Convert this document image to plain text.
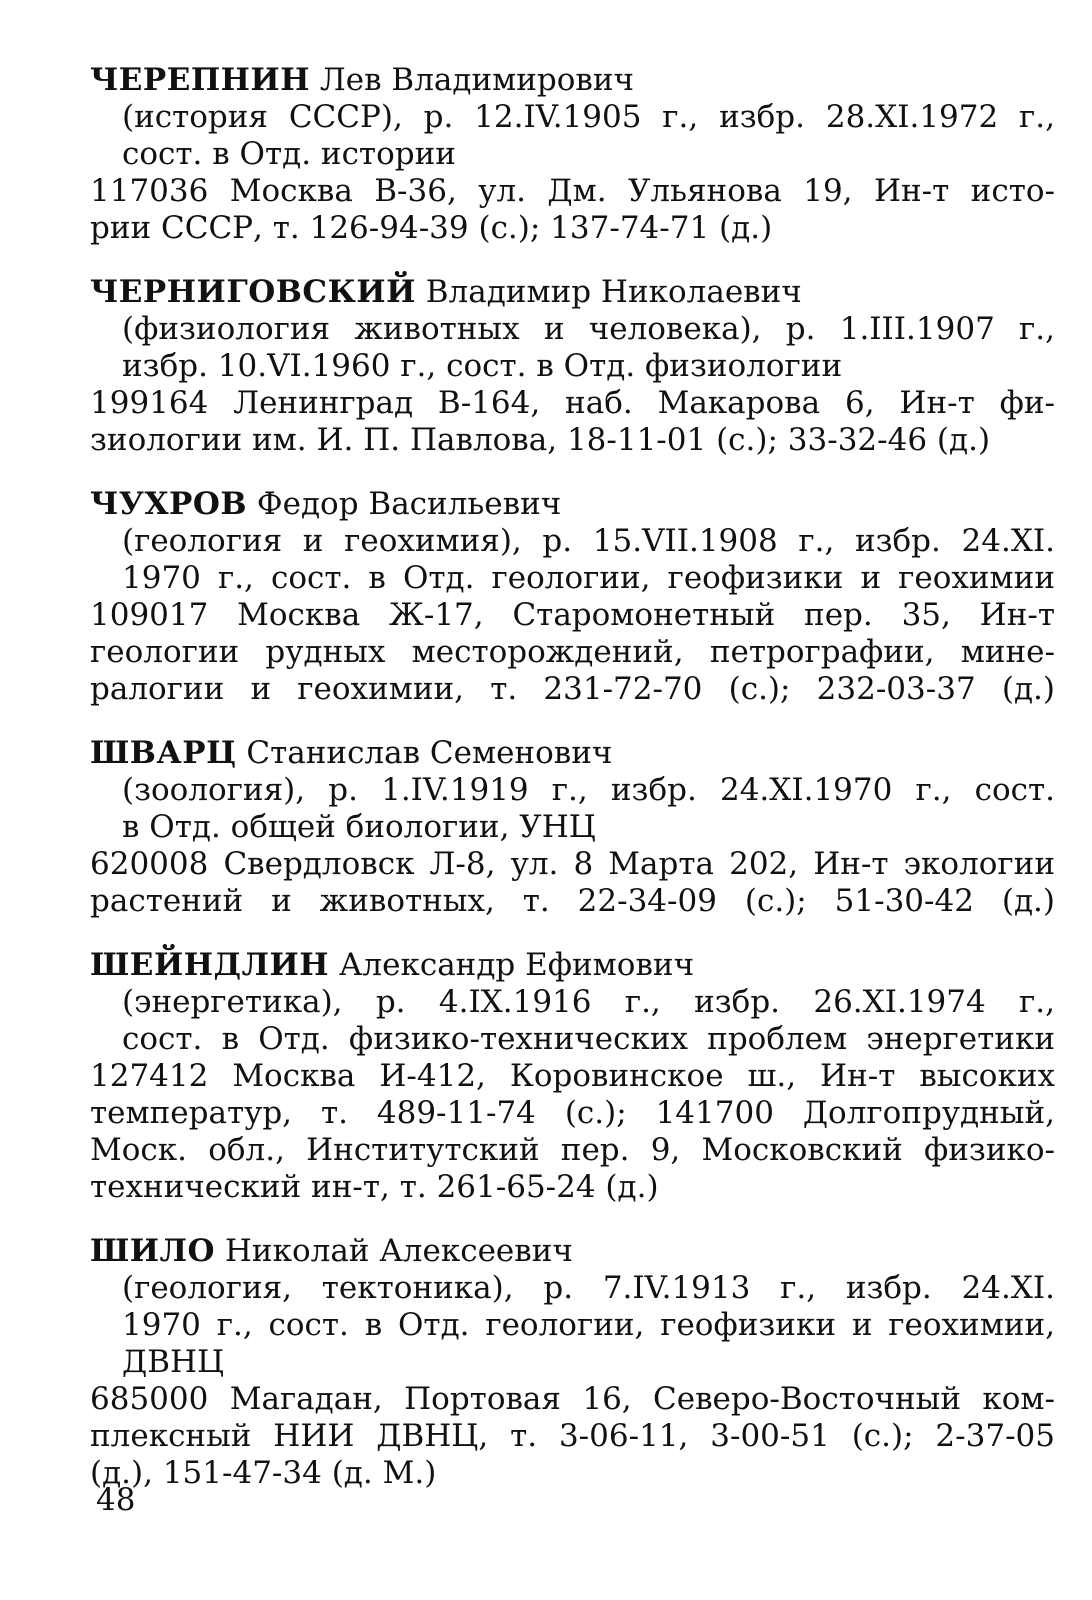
ЧЕРЕПНИН Лев Владимирович
(история СССР), р. 12.IV.1905 г., избр. 28.XI.1972 г.,
сост. в Отд. истории
117036 Москва В-36, ул. Дм. Ульянова 19, Ин-т исто-
рии СССР, т. 126-94-39 (с.); 137-74-71 (д.)
ЧЕРНИГОВСКИЙ Владимир Николаевич
(физиология животных и человека), р. 1.III.1907 г.,
избр. 10.VI.1960 г., сост. в Отд. физиологии
199164 Ленинград В-164, наб. Макарова 6, Ин-т фи-
зиологии им. И. П. Павлова, 18-11-01 (с.); 33-32-46 (д.)
ЧУХРОВ Федор Васильевич
(геология и геохимия), р. 15.VII.1908 г., избр. 24.XI.
1970 г., сост. в Отд. геологии, геофизики и геохимии
109017 Москва Ж-17, Старомонетный пер. 35, Ин-т
геологии рудных месторождений, петрографии, мине-
ралогии и геохимии, т. 231-72-70 (с.); 232-03-37 (д.)
ШВАРЦ Станислав Семенович
(зоология), р. 1.IV.1919 г., избр. 24.XI.1970 г., сост.
в Отд. общей биологии, УНЦ
620008 Свердловск Л-8, ул. 8 Марта 202, Ин-т экологии
растений и животных, т. 22-34-09 (с.); 51-30-42 (д.)
ШЕЙНДЛИН Александр Ефимович
(энергетика), р. 4.IX.1916 г., избр. 26.XI.1974 г.,
сост. в Отд. физико-технических проблем энергетики
127412 Москва И-412, Коровинское ш., Ин-т высоких
температур, т. 489-11-74 (с.); 141700 Долгопрудный,
Моск. обл., Институтский пер. 9, Московский физико-
технический ин-т, т. 261-65-24 (д.)
ШИЛО Николай Алексеевич
(геология, тектоника), р. 7.IV.1913 г., избр. 24.XI.
1970 г., сост. в Отд. геологии, геофизики и геохимии,
ДВНЦ
685000 Магадан, Портовая 16, Северо-Восточный ком-
плексный НИИ ДВНЦ, т. 3-06-11, 3-00-51 (с.); 2-37-05
(д.), 151-47-34 (д. М.)
48
